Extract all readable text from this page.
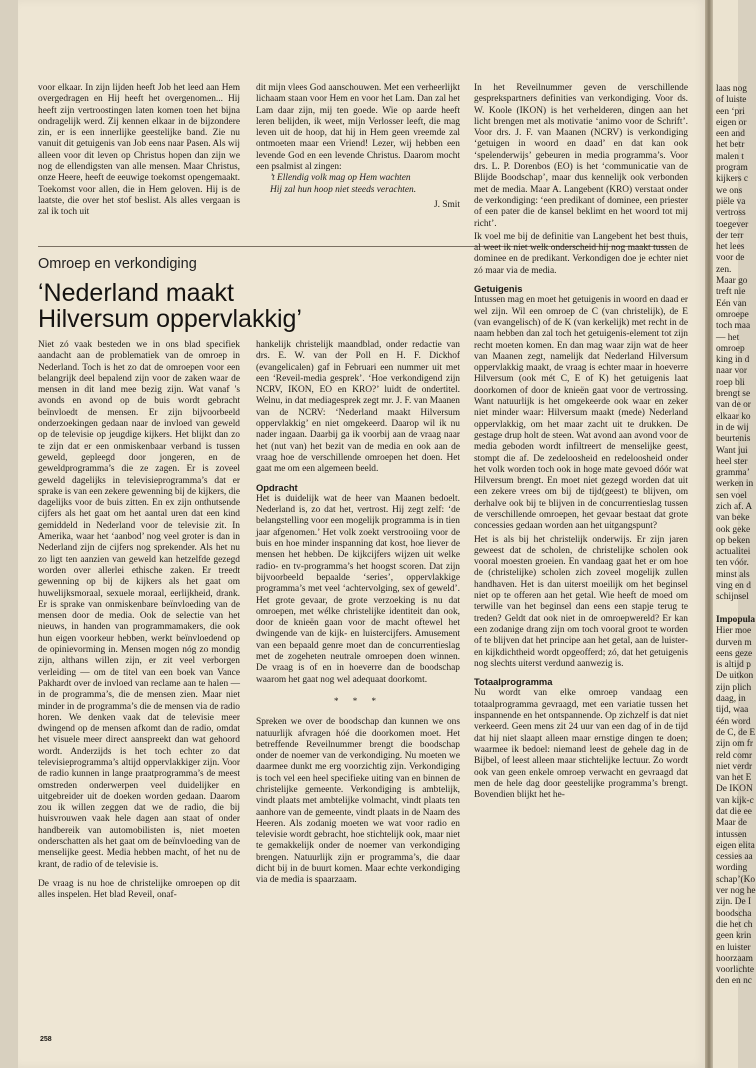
laas nog
of luiste
een ‘pri
eigen or
een and
het betr
malen t
program
kijkers c
we ons
piële va
vertross
toegever
der terr
het lees
voor de
zen.
Maar go
treft nie
Eén van
omroepe
toch maa
— het
omroep
king in d
naar vor
roep bli
brengt se
van de or
elkaar ko
in de wij
beurtenis
Want jui
heel ster
gramma’
werken in
sen voel
zich af. A
van beke
ook geke
op beken
actualitei
ten vóór.
minst als
ving en d
schijnsel

Impopula
Hier moe
durven m
eens geze
is altijd p
De uitkon
zijn plich
daag, in
tijd, waa
één word
de C, de E
zijn om fr
reld comr
niet verdr
van het E
De IKON
van kijk-c
dat die ee
Maar de
intussen
eigen elita
cessies aa
wording
schap’(Ko
ver nog he
zijn. De I
boodscha
die het ch
geen krin
en luister
hoorzaam
voorlichte
den en nc

voor elkaar. In zijn lijden heeft Job het leed aan Hem overgedragen en Hij heeft het overgenomen... Hij heeft zijn vertroostingen laten komen toen het bijna ondragelijk werd. Zij kennen elkaar in de bijzondere zin, er is een innerlijke geestelijke band. Zie nu vanuit dit getuigenis van Job eens naar Pasen. Als wij alleen voor dit leven op Christus hopen dan zijn we nog de ellendigsten van alle mensen. Maar Christus, onze Heere, heeft de eeuwige toekomst opengemaakt. Toekomst voor allen, die in Hem geloven. Hij is de laatste, die over het stof beslist. Als alles vergaan is zal ik toch uit

dit mijn vlees God aanschouwen. Met een verheerlijkt lichaam staan voor Hem en voor het Lam. Dan zal het Lam daar zijn, mij ten goede. Wie op aarde heeft leren belijden, ik weet, mijn Verlosser leeft, die mag leven uit de hoop, dat hij in Hem geen vreemde zal ontmoeten maar een Vriend! Lezer, wij hebben een levende God en een levende Christus. Daarom mocht een psalmist al zingen:

’t Ellendig volk mag op Hem wachten
Hij zal hun hoop niet steeds verachten.
J. Smit
Omroep en verkondiging
‘Nederland maakt Hilversum oppervlakkig’

Niet zó vaak besteden we in ons blad specifiek aandacht aan de problematiek van de omroep in Nederland. Toch is het zo dat de omroepen voor een belangrijk deel bepalend zijn voor de zaken waar de mensen in dit land mee bezig zijn. Wat vanaf 's avonds en avond op de buis wordt gebracht beïnvloedt de mensen. Er zijn bijvoorbeeld onderzoekingen gedaan naar de invloed van geweld op de televisie op jeugdige kijkers. Het blijkt dan zo te zijn dat er een onmiskenbaar verband is tussen geweld, gepleegd door jongeren, en de geweldprogramma’s die ze zagen. Er is zoveel geweld dagelijks in televisieprogramma’s dat er sprake is van een zekere gewenning bij de kijkers, die dagelijks voor de buis zitten. En ex zijn onthutsende cijfers als het gaat om het aantal uren dat een kind gemiddeld in Nederland voor de televisie zit. In Amerika, waar het ‘aanbod’ nog veel groter is dan in Nederland zijn de cijfers nog sprekender. Als het nu zo ligt ten aanzien van geweld kan hetzelfde gezegd worden over allerlei ethische zaken. Er treedt gewenning op bij de kijkers als het gaat om huwelijksmoraal, sexuele moraal, eerlijkheid, drank. Er is sprake van onmiskenbare beïnvloeding van de mensen door de media. Ook de selectie van het nieuws, in handen van programmamakers, die ook hun eigen voorkeur hebben, werkt beïnvloedend op de opinievorming in. Mensen mogen nóg zo mondig zijn, althans willen zijn, er zit veel verborgen verleiding — om de titel van een boek van Vance Pakhardt over de invloed van reclame aan te halen — in de programma’s, die de mensen zien. Maar niet minder in de programma’s die de mensen via de radio horen. We denken vaak dat de televisie meer dwingend op de mensen afkomt dan de radio, omdat het visuele meer direct aanspreekt dan wat gehoord wordt. Anderzijds is het toch echter zo dat televisieprogramma’s altijd oppervlakkiger zijn. Voor de radio kunnen in lange praatprogramma’s de meest omstreden onderwerpen veel duidelijker en uitgebreider uit de doeken worden gedaan. Daarom zou ik willen zeggen dat we de radio, die bij huisvrouwen vaak hele dagen aan staat of onder handbereik van automobilisten is, niet moeten onderschatten als het gaat om de beïnvloeding van de menselijke geest. Media hebben macht, of het nu de krant, de radio of de televisie is.

De vraag is nu hoe de christelijke omroepen op dit alles inspelen. Het blad Reveil, onaf-

hankelijk christelijk maandblad, onder redactie van drs. E. W. van der Poll en H. F. Dickhof (evangelicalen) gaf in Februari een nummer uit met een ‘Reveil-media gesprek’. ‘Hoe verkondigend zijn NCRV, IKON, EO en KRO?’ luidt de ondertitel. Welnu, in dat mediagesprek zegt mr. J. F. van Maanen van de NCRV: ‘Nederland maakt Hilversum oppervlakkig’ en niet omgekeerd. Daarop wil ik nu nader ingaan. Daarbij ga ik voorbij aan de vraag naar het (nut van) het bezit van de media en ook aan de vraag hoe de verschillende omroepen het doen. Het gaat me om een algemeen beeld.

Opdracht

Het is duidelijk wat de heer van Maanen bedoelt. Nederland is, zo dat het, vertrost. Hij zegt zelf: ‘de belangstelling voor een mogelijk programma is in tien jaar afgenomen.’ Het volk zoekt verstrooiing voor de buis en hoe minder inspanning dat kost, hoe liever de mensen het hebben. De kijkcijfers wijzen uit welke radio- en tv-programma’s het hoogst scoren. Dat zijn bijvoorbeeld bepaalde ‘series’, oppervlakkige programma’s met veel ‘achtervolging, sex of geweld’. Het grote gevaar, de grote verzoeking is nu dat omroepen, met wélke christelijke identiteit dan ook, door de knieën gaan voor de macht oftewel het dwingende van de kijk- en luistercijfers. Amusement van een bepaald genre moet dan de concurrentieslag met de zogeheten neutrale omroepen doen winnen. De vraag is of en in hoeverre dan de boodschap waarom het gaat nog wel adequaat doorkomt.

* * *

Spreken we over de boodschap dan kunnen we ons natuurlijk afvragen hóé die doorkomen moet. Het betreffende Reveilnummer brengt die boodschap onder de noemer van de verkondiging. Nu moeten we daarmee dunkt me erg voorzichtig zijn. Verkondiging is toch vel een heel specifieke uiting van en binnen de christelijke gemeente. Verkondiging is ambtelijk, vindt plaats met ambtelijke volmacht, vindt plaats ten aanhore van de gemeente, vindt plaats in de Naam des Heeren. Als zodanig moeten we wat voor radio en televisie wordt gebracht, hoe stichtelijk ook, maar niet te gemakkelijk onder de noemer van verkondiging brengen. Natuurlijk zijn er programma’s, die daar dicht bij in de buurt komen. Maar echte verkondiging via de media is spaarzaam.

In het Reveilnummer geven de verschillende gesprekspartners definities van verkondiging. Voor ds. W. Koole (IKON) is het verhelderen, dingen aan het licht brengen met als motivatie ‘animo voor de Schrift’. Voor drs. J. F. van Maanen (NCRV) is verkondiging ‘getuigen in woord en daad’ en dat kan ook ‘spelenderwijs’ gebeuren in media programma’s. Voor drs. L. P. Dorenbos (EO) is het ‘communicatie van de Blijde Boodschap’, maar dus kennelijk ook verbonden met de media. Maar A. Langebent (KRO) verstaat onder de verkondiging: ‘een predikant of dominee, een priester of een pater die de kansel beklimt en het woord tot mij richt’.

Ik voel me bij de definitie van Langebent het best thuis, al weet ik niet welk onderscheid hij nog maakt tussen de dominee en de predikant. Verkondigen doe je echter niet zó maar via de media.

Getuigenis

Intussen mag en moet het getuigenis in woord en daad er wel zijn. Wil een omroep de C (van christelijk), de E (van evangelisch) of de K (van kerkelijk) met recht in de naam hebben dan zal toch het getuigenis-element tot zijn recht moeten komen. En dan mag waar zijn wat de heer van Maanen zegt, namelijk dat Nederland Hilversum oppervlakkig maakt, de vraag is echter maar in hoeverre Hilversum (ook mét C, E of K) het getuigenis laat doorkomen of door de knieën gaat voor de vertrossing. Want natuurlijk is het omgekeerde ook waar en zeker niet minder waar: Hilversum maakt (mede) Nederland oppervlakkig, om het maar zacht uit te drukken. De gestage drup holt de steen. Wat avond aan avond voor de media geboden wordt infiltreert de menselijke geest, stompt die af. De zedeloosheid en redeloosheid onder het volk worden toch ook in hoge mate gevoed dóór wat Hilversum brengt. En moet niet gezegd worden dat uit een zekere vrees om bij de tijd(geest) te blijven, om derhalve ook bij te blijven in de concurrentieslag tussen de verschillende omroepen, het gevaar bestaat dat grote concessies gedaan worden aan het uitgangspunt?

Het is als bij het christelijk onderwijs. Er zijn jaren geweest dat de scholen, de christelijke scholen ook vooral moesten groeien. En vandaag gaat het er om hoe de (christelijke) scholen zich zoveel mogelijk zullen handhaven. Het is dan uiterst moeilijk om het beginsel niet op te offeren aan het getal. Wie heeft de moed om terwille van het beginsel dan eens een stapje terug te treden? Geldt dat ook niet in de omroepwereld? Er kan een zodanige drang zijn om toch vooral groot te worden of te blijven dat het principe aan het getal, aan de luister- en kijkdichtheid wordt opgeofferd; zó, dat het getuigenis nog slechts uiterst verdund aanwezig is.

Totaalprogramma

Nu wordt van elke omroep vandaag een totaalprogramma gevraagd, met een variatie tussen het inspannende en het ontspannende. Op zichzelf is dat niet verkeerd. Geen mens zit 24 uur van een dag of in de tijd dat hij niet slaapt alleen maar ernstige dingen te doen; waarmee ik bedoel: niemand leest de gehele dag in de Bijbel, of leest alleen maar stichtelijke lectuur. Zo wordt ook van geen enkele omroep verwacht en gevraagd dat men de hele dag door geestelijke programma’s brengt. Bovendien blijkt het he-

258
